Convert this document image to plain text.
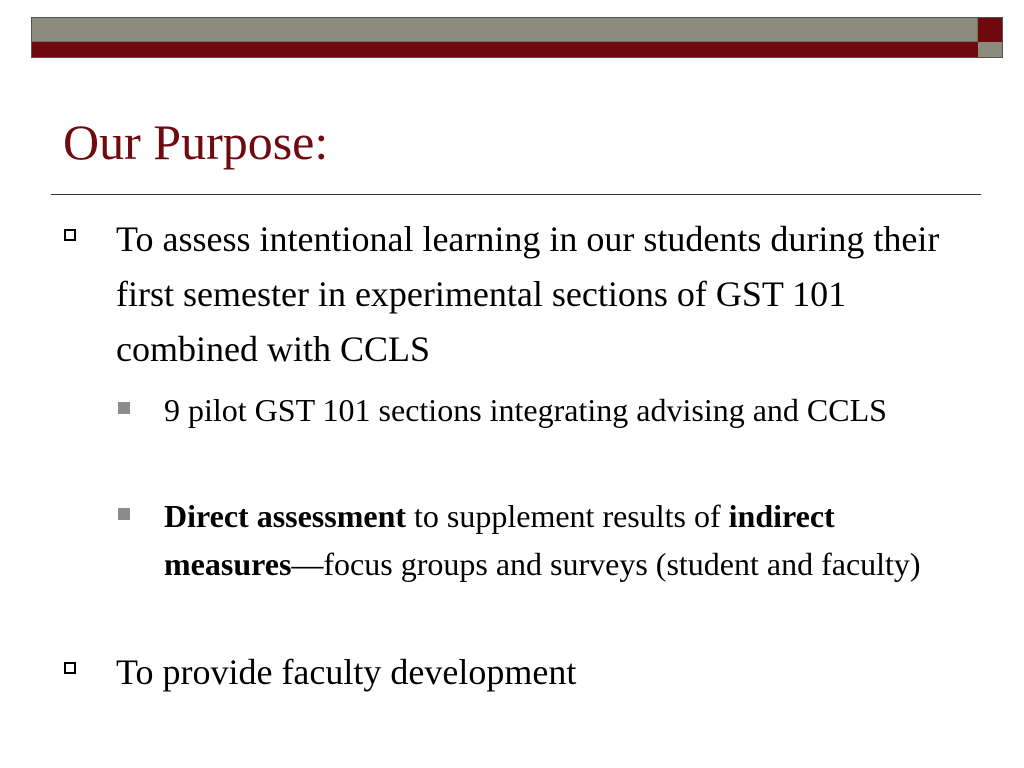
Our Purpose:
To assess intentional learning in our students during their first semester in experimental sections of GST 101 combined with CCLS
9 pilot GST 101 sections integrating advising and CCLS
Direct assessment to supplement results of indirect measures—focus groups and surveys (student and faculty)
To provide faculty development
